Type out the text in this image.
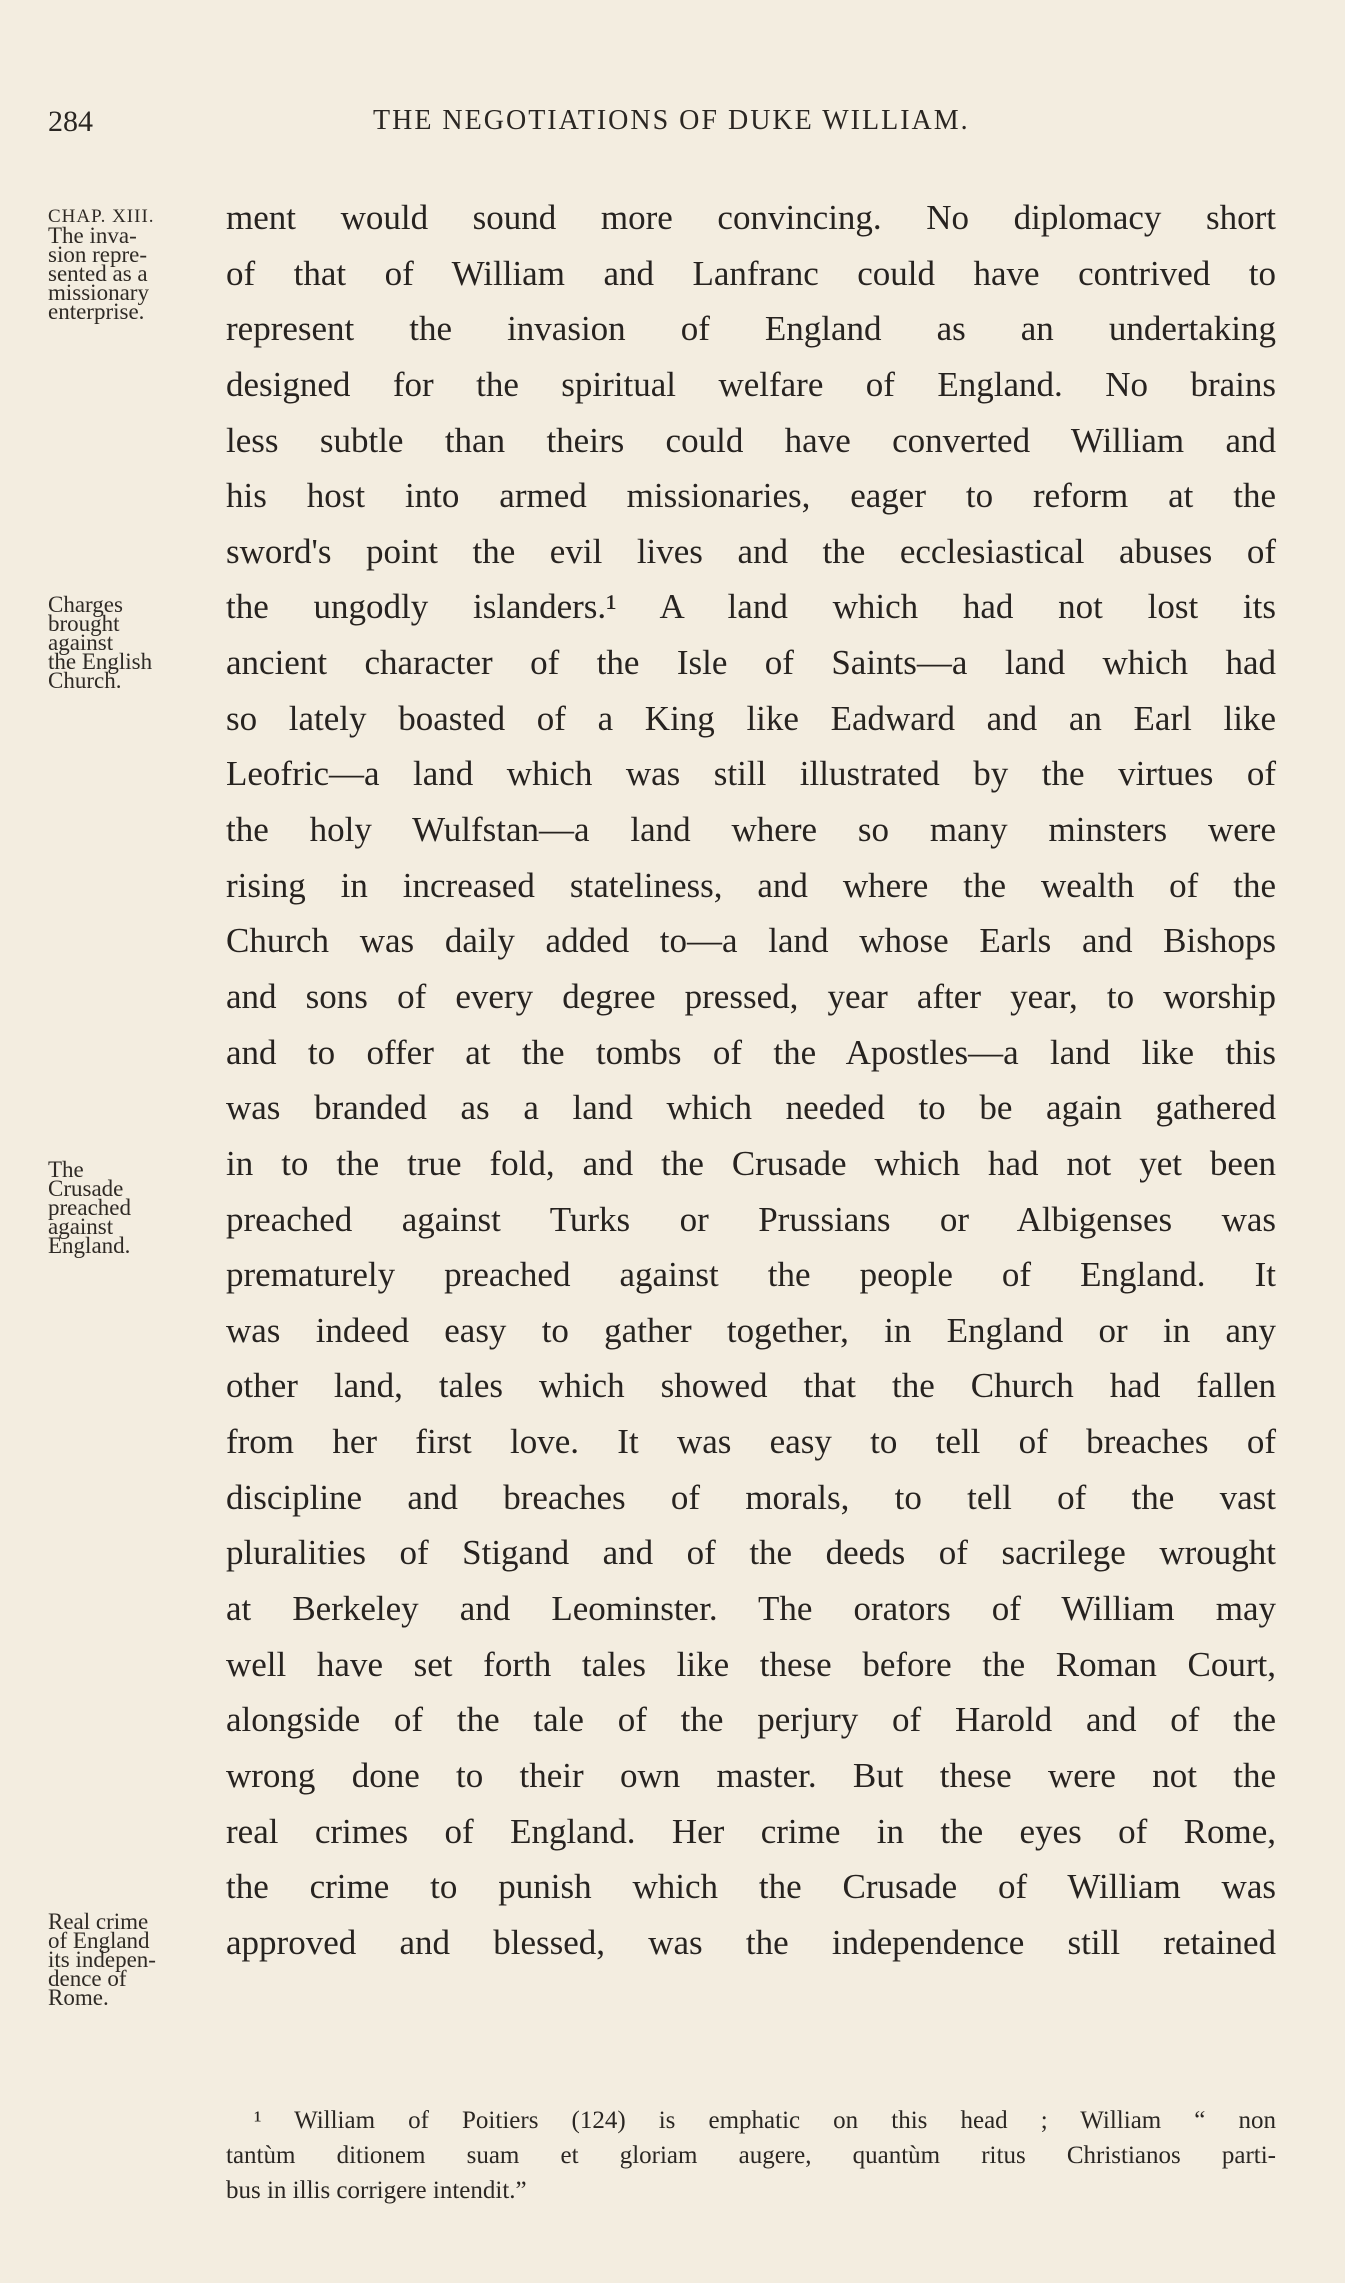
284	THE NEGOTIATIONS OF DUKE WILLIAM.
CHAP. XIII.
The inva-
sion repre-
sented as a
missionary
enterprise.
Charges
brought
against
the English
Church.
The
Crusade
preached
against
England.
Real crime
of England
its indepen-
dence of
Rome.
ment would sound more convincing. No diplomacy short
of that of William and Lanfranc could have contrived to
represent the invasion of England as an undertaking
designed for the spiritual welfare of England. No brains
less subtle than theirs could have converted William and
his host into armed missionaries, eager to reform at the
sword's point the evil lives and the ecclesiastical abuses of
the ungodly islanders.¹ A land which had not lost its
ancient character of the Isle of Saints—a land which had
so lately boasted of a King like Eadward and an Earl like
Leofric—a land which was still illustrated by the virtues of
the holy Wulfstan—a land where so many minsters were
rising in increased stateliness, and where the wealth of the
Church was daily added to—a land whose Earls and Bishops
and sons of every degree pressed, year after year, to worship
and to offer at the tombs of the Apostles—a land like this
was branded as a land which needed to be again gathered
in to the true fold, and the Crusade which had not yet been
preached against Turks or Prussians or Albigenses was
prematurely preached against the people of England. It
was indeed easy to gather together, in England or in any
other land, tales which showed that the Church had fallen
from her first love. It was easy to tell of breaches of
discipline and breaches of morals, to tell of the vast
pluralities of Stigand and of the deeds of sacrilege wrought
at Berkeley and Leominster. The orators of William may
well have set forth tales like these before the Roman Court,
alongside of the tale of the perjury of Harold and of the
wrong done to their own master. But these were not the
real crimes of England. Her crime in the eyes of Rome,
the crime to punish which the Crusade of William was
approved and blessed, was the independence still retained
¹ William of Poitiers (124) is emphatic on this head ; William “ non
tantùm ditionem suam et gloriam augere, quantùm ritus Christianos parti-
bus in illis corrigere intendit.”
